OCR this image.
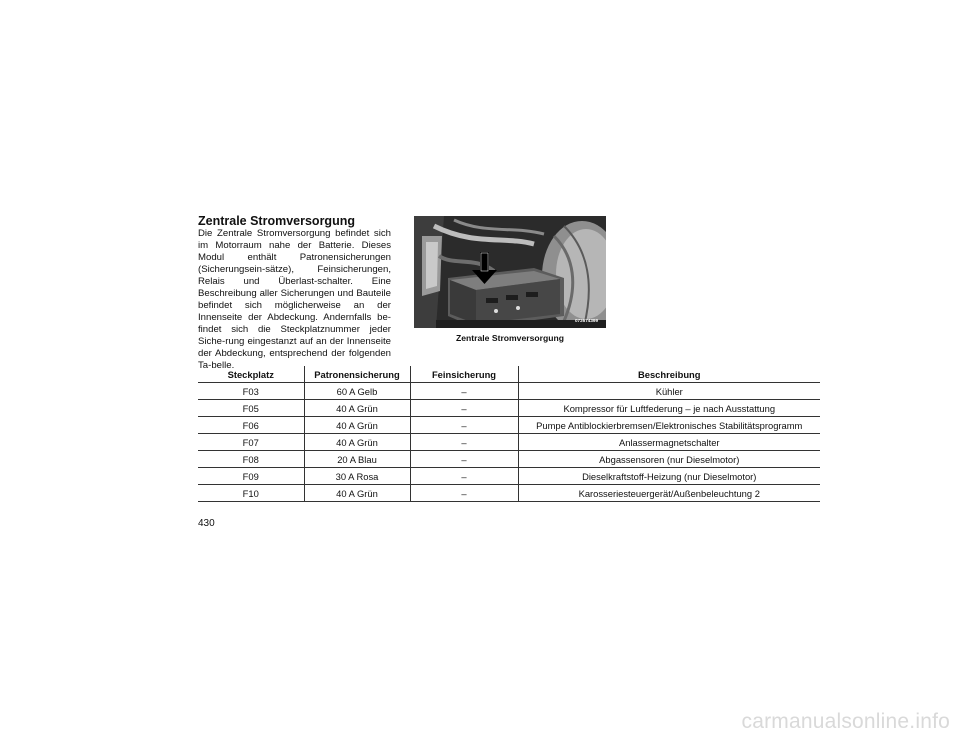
Zentrale Stromversorgung

Die Zentrale Stromversorgung befindet sich im Motorraum nahe der Batterie. Dieses Modul enthält Patronensicherungen (Sicherungsein-sätze), Feinsicherungen, Relais und Überlast-schalter. Eine Beschreibung aller Sicherungen und Bauteile befindet sich möglicherweise an der Innenseite der Abdeckung. Andernfalls be-findet sich die Steckplatznummer jeder Siche-rung eingestanzt auf an der Innenseite der Abdeckung, entsprechend der folgenden Ta-belle.

072674399
Zentrale Stromversorgung
Steckplatz	Patronensicherung	Feinsicherung	Beschreibung
F03	60 A Gelb	–	Kühler
F05	40 A Grün	–	Kompressor für Luftfederung – je nach Ausstattung
F06	40 A Grün	–	Pumpe Antiblockierbremsen/Elektronisches Stabilitätsprogramm
F07	40 A Grün	–	Anlassermagnetschalter
F08	20 A Blau	–	Abgassensoren (nur Dieselmotor)
F09	30 A Rosa	–	Dieselkraftstoff-Heizung (nur Dieselmotor)
F10	40 A Grün	–	Karosseriesteuergerät/Außenbeleuchtung 2
430
carmanualsonline.info
